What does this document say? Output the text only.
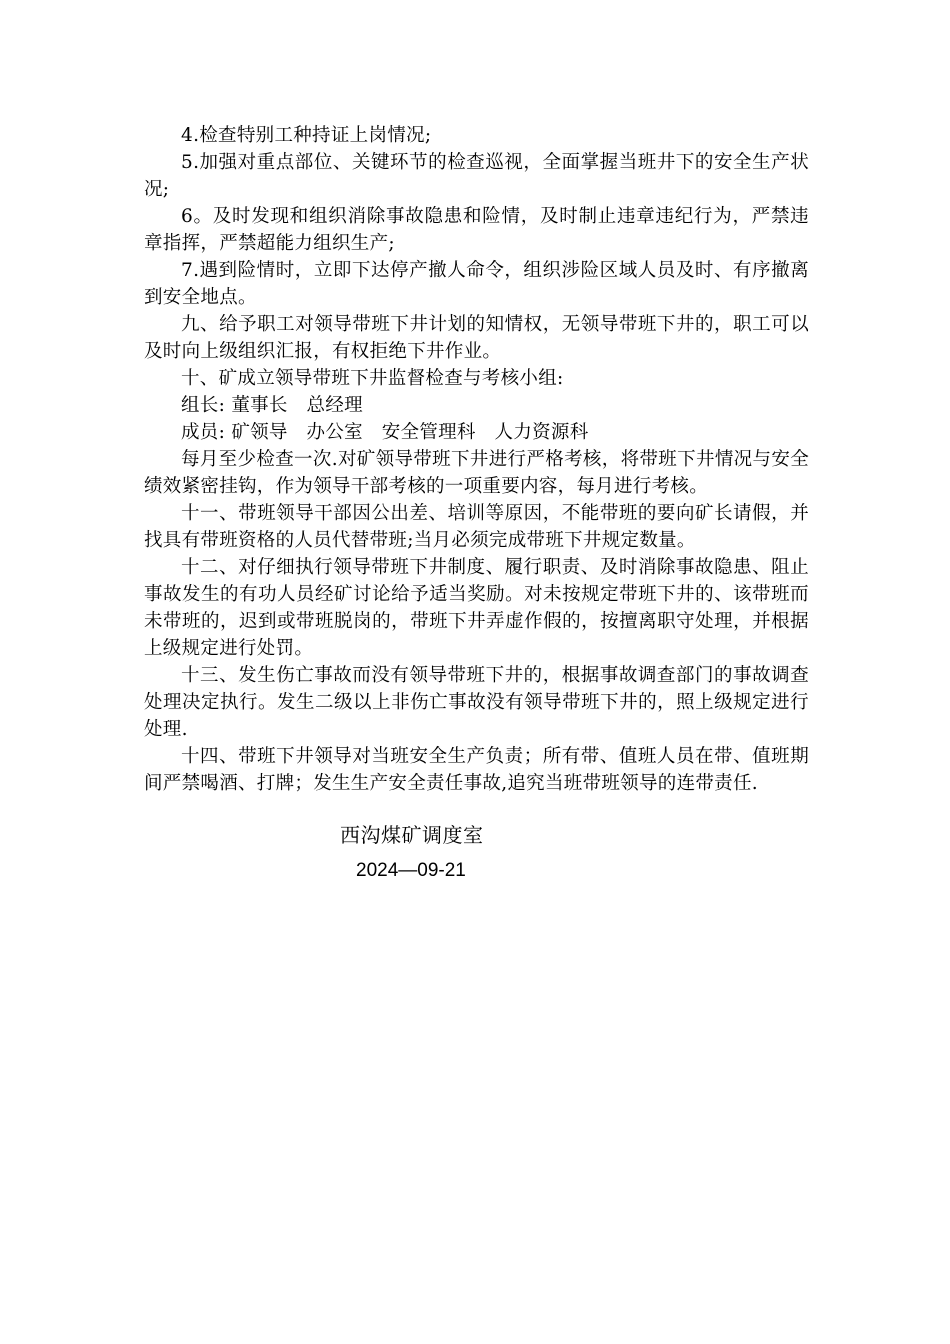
4.检查特别工种持证上岗情况;

5.加强对重点部位、关键环节的检查巡视，全面掌握当班井下的安全生产状况;

6。及时发现和组织消除事故隐患和险情，及时制止违章违纪行为，严禁违章指挥，严禁超能力组织生产;

7.遇到险情时，立即下达停产撤人命令，组织涉险区域人员及时、有序撤离到安全地点。

九、给予职工对领导带班下井计划的知情权，无领导带班下井的，职工可以及时向上级组织汇报，有权拒绝下井作业。

十、矿成立领导带班下井监督检查与考核小组:

组长: 董事长　总经理

成员: 矿领导　办公室　安全管理科　人力资源科

每月至少检查一次.对矿领导带班下井进行严格考核，将带班下井情况与安全绩效紧密挂钩，作为领导干部考核的一项重要内容，每月进行考核。

十一、带班领导干部因公出差、培训等原因，不能带班的要向矿长请假，并找具有带班资格的人员代替带班;当月必须完成带班下井规定数量。

十二、对仔细执行领导带班下井制度、履行职责、及时消除事故隐患、阻止事故发生的有功人员经矿讨论给予适当奖励。对未按规定带班下井的、该带班而未带班的，迟到或带班脱岗的，带班下井弄虚作假的，按擅离职守处理，并根据上级规定进行处罚。

十三、发生伤亡事故而没有领导带班下井的，根据事故调查部门的事故调查处理决定执行。发生二级以上非伤亡事故没有领导带班下井的，照上级规定进行处理.

十四、带班下井领导对当班安全生产负责；所有带、值班人员在带、值班期间严禁喝酒、打牌；发生生产安全责任事故,追究当班带班领导的连带责任.

西沟煤矿调度室
2024—09-21
